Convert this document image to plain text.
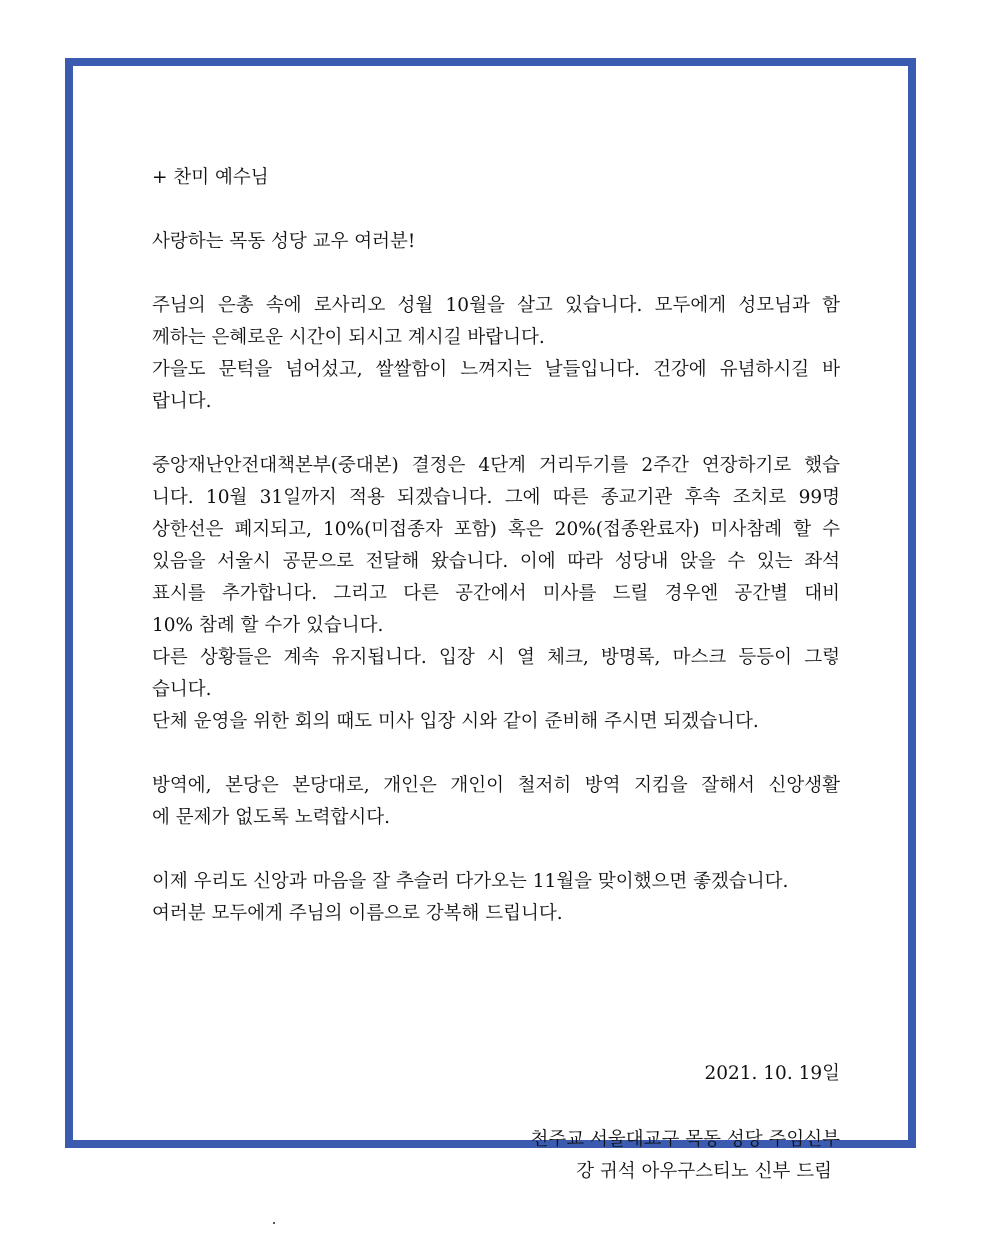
+ 찬미 예수님
사랑하는 목동 성당 교우 여러분!
주님의 은총 속에 로사리오 성월 10월을 살고 있습니다. 모두에게 성모님과 함
께하는 은혜로운 시간이 되시고 계시길 바랍니다.
가을도 문턱을 넘어섰고, 쌀쌀함이 느껴지는 날들입니다. 건강에 유념하시길 바
랍니다.
중앙재난안전대책본부(중대본) 결정은 4단계 거리두기를 2주간 연장하기로 했습
니다. 10월 31일까지 적용 되겠습니다. 그에 따른 종교기관 후속 조치로 99명
상한선은 폐지되고, 10%(미접종자 포함) 혹은 20%(접종완료자) 미사참례 할 수
있음을 서울시 공문으로 전달해 왔습니다. 이에 따라 성당내 앉을 수 있는 좌석
표시를 추가합니다. 그리고 다른 공간에서 미사를 드릴 경우엔 공간별 대비
10% 참례 할 수가 있습니다.
다른 상황들은 계속 유지됩니다. 입장 시 열 체크, 방명록, 마스크 등등이 그렇
습니다.
단체 운영을 위한 회의 때도 미사 입장 시와 같이 준비해 주시면 되겠습니다.
방역에, 본당은 본당대로, 개인은 개인이 철저히 방역 지킴을 잘해서 신앙생활
에 문제가 없도록 노력합시다.
이제 우리도 신앙과 마음을 잘 추슬러 다가오는 11월을 맞이했으면 좋겠습니다.
여러분 모두에게 주님의 이름으로 강복해 드립니다.
2021. 10. 19일
천주교 서울대교구 목동 성당 주임신부
강 귀석 아우구스티노 신부 드림
